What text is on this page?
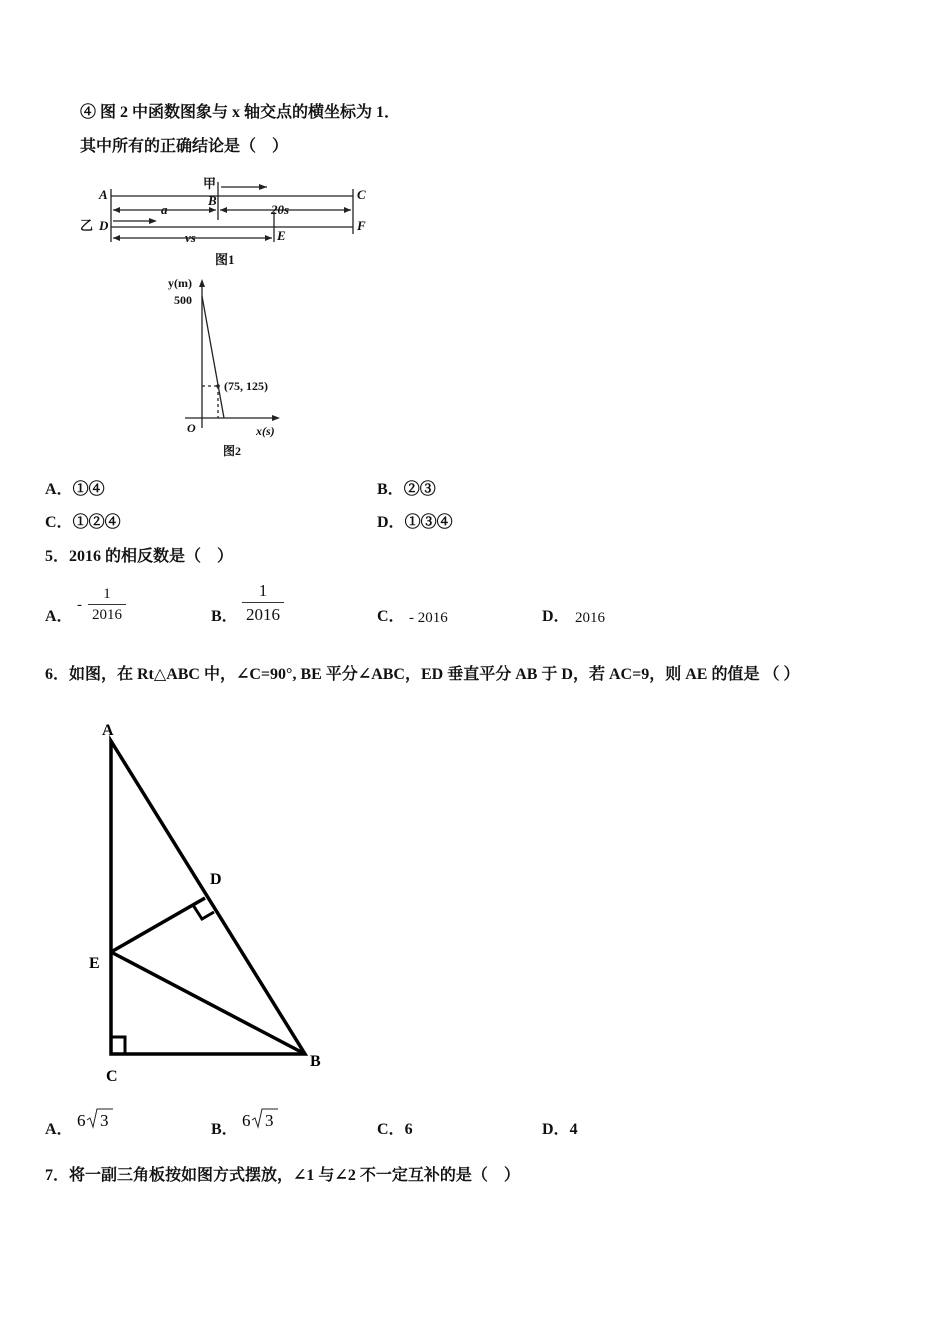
④ 图 2 中函数图象与 x 轴交点的横坐标为 1．
其中所有的正确结论是（　）
A	C
B
D	F
E
a	20s
vs
甲
乙
图1
y(m)
500
(75, 125)
O	x(s)
图2
A．①④	B．②③
C．①②④	D．①③④
5．2016 的相反数是（　）
A．
-
1
2016	B．
1
2016	C． - 2016	D． 2016
6．如图，在 Rt△ABC 中，∠C=90°, BE 平分∠ABC，ED 垂直平分 AB 于 D，若 AC=9，则 AE 的值是 （ ）
A
D
E
C
B
A． 6 3	B． 6 3	C．6	D．4
7．将一副三角板按如图方式摆放，∠1 与∠2 不一定互补的是（　）
